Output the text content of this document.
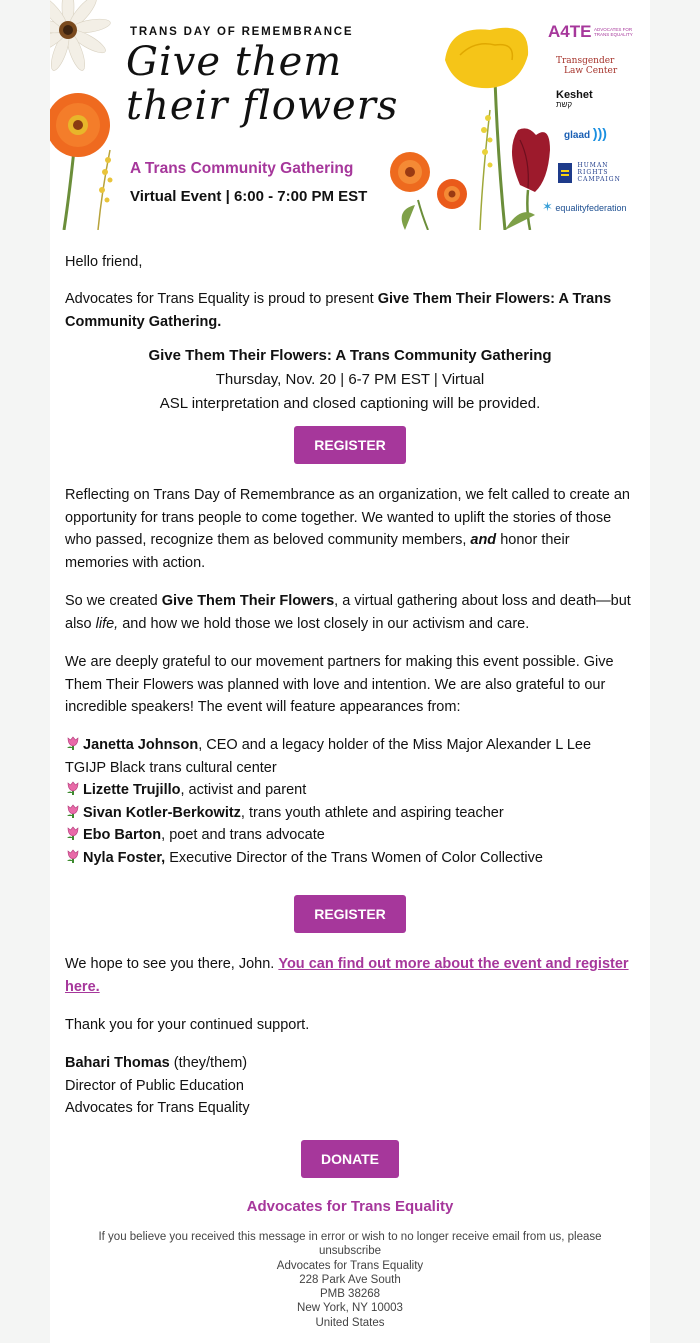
TRANS DAY OF REMEMBRANCE
Give them
their flowers
A Trans Community Gathering
Virtual Event | 6:00 - 7:00 PM EST
A4TE ADVOCATES FOR TRANS EQUALITY
Transgender
Law Center
Keshet
קשת
glaad )))
HUMAN
RIGHTS
CAMPAIGN
✶ equalityfederation

Hello friend,

Advocates for Trans Equality is proud to present Give Them Their Flowers: A Trans Community Gathering.

Give Them Their Flowers: A Trans Community Gathering
Thursday, Nov. 20 | 6-7 PM EST | Virtual
ASL interpretation and closed captioning will be provided.
REGISTER

Reflecting on Trans Day of Remembrance as an organization, we felt called to create an opportunity for trans people to come together. We wanted to uplift the stories of those who passed, recognize them as beloved community members, and honor their memories with action.

So we created Give Them Their Flowers, a virtual gathering about loss and death—but also life, and how we hold those we lost closely in our activism and care.

We are deeply grateful to our movement partners for making this event possible. Give Them Their Flowers was planned with love and intention. We are also grateful to our incredible speakers! The event will feature appearances from:

Janetta Johnson, CEO and a legacy holder of the Miss Major Alexander L Lee TGIJP Black trans cultural center
Lizette Trujillo, activist and parent
Sivan Kotler-Berkowitz, trans youth athlete and aspiring teacher
Ebo Barton, poet and trans advocate
Nyla Foster, Executive Director of the Trans Women of Color Collective
REGISTER

We hope to see you there, John. You can find out more about the event and register here.

Thank you for your continued support.

Bahari Thomas (they/them)
Director of Public Education
Advocates for Trans Equality
DONATE
Advocates for Trans Equality
If you believe you received this message in error or wish to no longer receive email from us, please
unsubscribe
Advocates for Trans Equality
228 Park Ave South
PMB 38268
New York, NY 10003
United States
